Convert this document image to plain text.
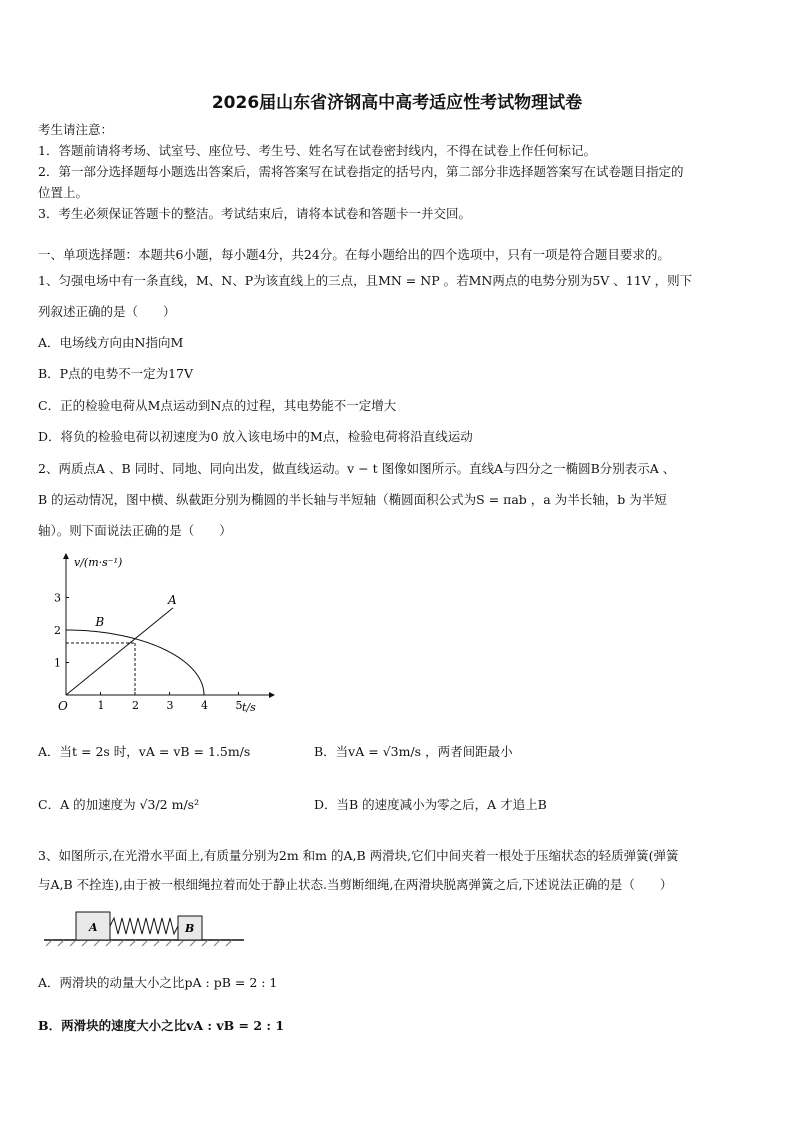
2026届山东省济钢高中高考适应性考试物理试卷
考生请注意：
1．答题前请将考场、试室号、座位号、考生号、姓名写在试卷密封线内，不得在试卷上作任何标记。
2．第一部分选择题每小题选出答案后，需将答案写在试卷指定的括号内，第二部分非选择题答案写在试卷题目指定的
位置上。
3．考生必须保证答题卡的整洁。考试结束后，请将本试卷和答题卡一并交回。
一、单项选择题：本题共6小题，每小题4分，共24分。在每小题给出的四个选项中，只有一项是符合题目要求的。
1、匀强电场中有一条直线，M、N、P为该直线上的三点，且MN = NP 。若MN两点的电势分别为5V 、11V ，则下
列叙述正确的是（　　）
A．电场线方向由N指向M
B．P点的电势不一定为17V
C．正的检验电荷从M点运动到N点的过程，其电势能不一定增大
D．将负的检验电荷以初速度为0 放入该电场中的M点，检验电荷将沿直线运动
2、两质点A 、B 同时、同地、同向出发，做直线运动。v − t 图像如图所示。直线A与四分之一椭圆B分别表示A 、
B 的运动情况，图中横、纵截距分别为椭圆的半长轴与半短轴（椭圆面积公式为S = πab ，a 为半长轴，b 为半短
轴）。则下面说法正确的是（　　）
v/(m·s⁻¹)
t/s
O	1	2	3	4	5
1
2
3	A
B
A．当t = 2s 时，vA = vB = 1.5m/s	B．当vA = √3m/s ，两者间距最小
C．A 的加速度为 √3/2 m/s²	D．当B 的速度减小为零之后，A 才追上B
3、如图所示,在光滑水平面上,有质量分别为2m 和m 的A,B 两滑块,它们中间夹着一根处于压缩状态的轻质弹簧(弹簧
与A,B 不拴连),由于被一根细绳拉着而处于静止状态.当剪断细绳,在两滑块脱离弹簧之后,下述说法正确的是（　　）
A	B
A．两滑块的动量大小之比pA : pB = 2 : 1
B．两滑块的速度大小之比vA : vB = 2 : 1
